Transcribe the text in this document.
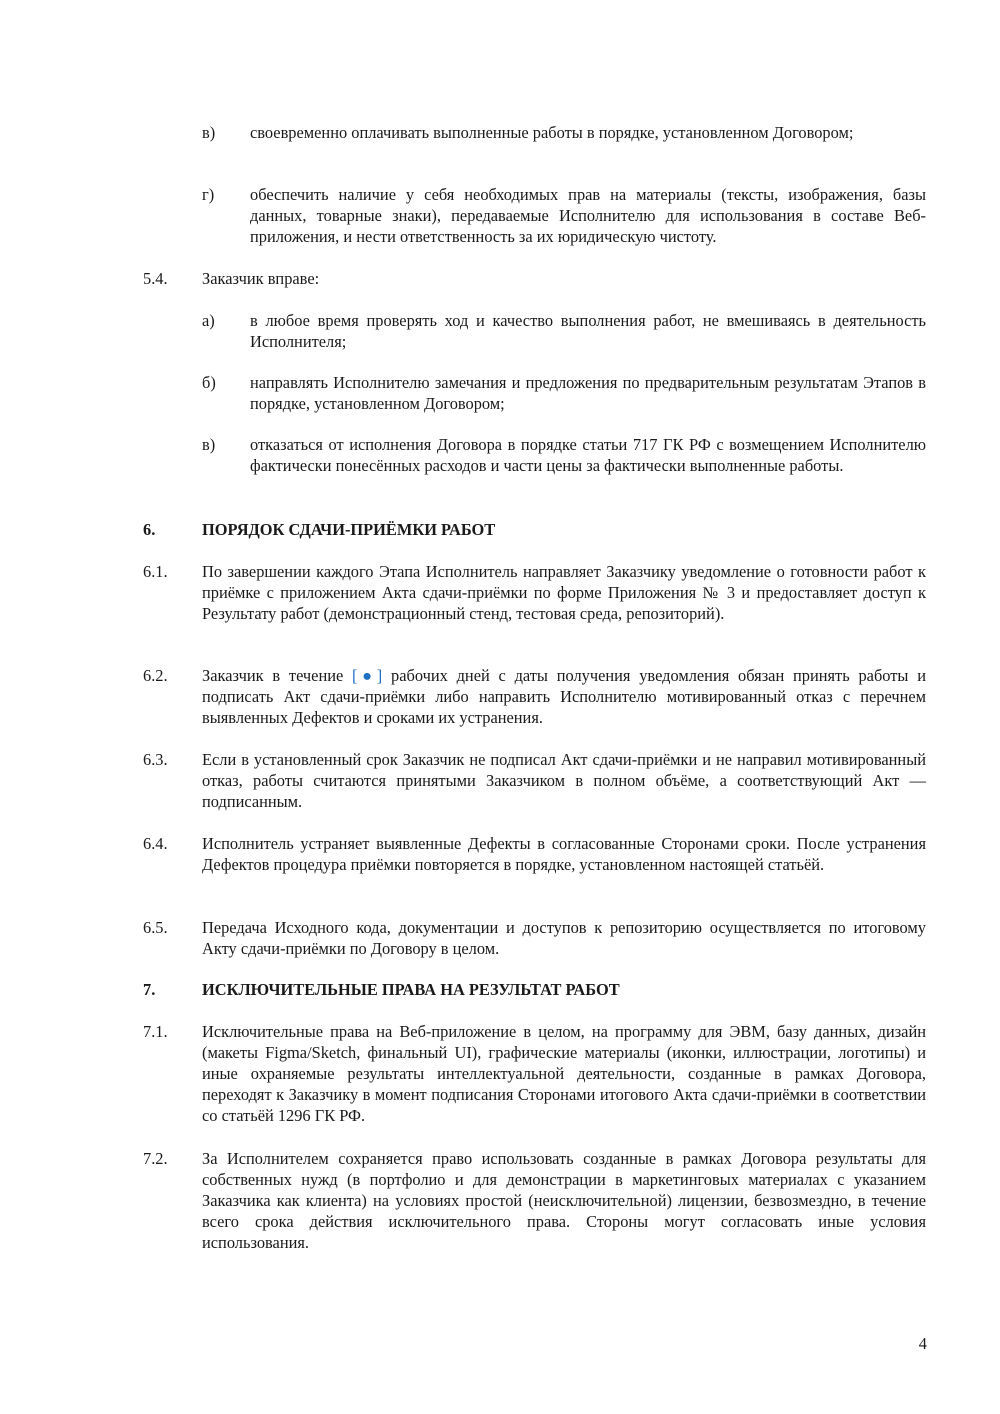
в)	своевременно оплачивать выполненные работы в порядке, установленном Договором;
г)	обеспечить наличие у себя необходимых прав на материалы (тексты, изображения, базы данных, товарные знаки), передаваемые Исполнителю для использования в составе Веб-приложения, и нести ответственность за их юридическую чистоту.
5.4.	Заказчик вправе:
а)	в любое время проверять ход и качество выполнения работ, не вмешиваясь в деятельность Исполнителя;
б)	направлять Исполнителю замечания и предложения по предварительным результатам Этапов в порядке, установленном Договором;
в)	отказаться от исполнения Договора в порядке статьи 717 ГК РФ с возмещением Исполнителю фактически понесённых расходов и части цены за фактически выполненные работы.
6.	ПОРЯДОК СДАЧИ-ПРИЁМКИ РАБОТ
6.1.	По завершении каждого Этапа Исполнитель направляет Заказчику уведомление о готовности работ к приёмке с приложением Акта сдачи-приёмки по форме Приложения № 3 и предоставляет доступ к Результату работ (демонстрационный стенд, тестовая среда, репозиторий).
6.2.	Заказчик в течение [●] рабочих дней с даты получения уведомления обязан принять работы и подписать Акт сдачи-приёмки либо направить Исполнителю мотивированный отказ с перечнем выявленных Дефектов и сроками их устранения.
6.3.	Если в установленный срок Заказчик не подписал Акт сдачи-приёмки и не направил мотивированный отказ, работы считаются принятыми Заказчиком в полном объёме, а соответствующий Акт — подписанным.
6.4.	Исполнитель устраняет выявленные Дефекты в согласованные Сторонами сроки. После устранения Дефектов процедура приёмки повторяется в порядке, установленном настоящей статьёй.
6.5.	Передача Исходного кода, документации и доступов к репозиторию осуществляется по итоговому Акту сдачи-приёмки по Договору в целом.
7.	ИСКЛЮЧИТЕЛЬНЫЕ ПРАВА НА РЕЗУЛЬТАТ РАБОТ
7.1.	Исключительные права на Веб-приложение в целом, на программу для ЭВМ, базу данных, дизайн (макеты Figma/Sketch, финальный UI), графические материалы (иконки, иллюстрации, логотипы) и иные охраняемые результаты интеллектуальной деятельности, созданные в рамках Договора, переходят к Заказчику в момент подписания Сторонами итогового Акта сдачи-приёмки в соответствии со статьёй 1296 ГК РФ.
7.2.	За Исполнителем сохраняется право использовать созданные в рамках Договора результаты для собственных нужд (в портфолио и для демонстрации в маркетинговых материалах с указанием Заказчика как клиента) на условиях простой (неисключительной) лицензии, безвозмездно, в течение всего срока действия исключительного права. Стороны могут согласовать иные условия использования.
4
